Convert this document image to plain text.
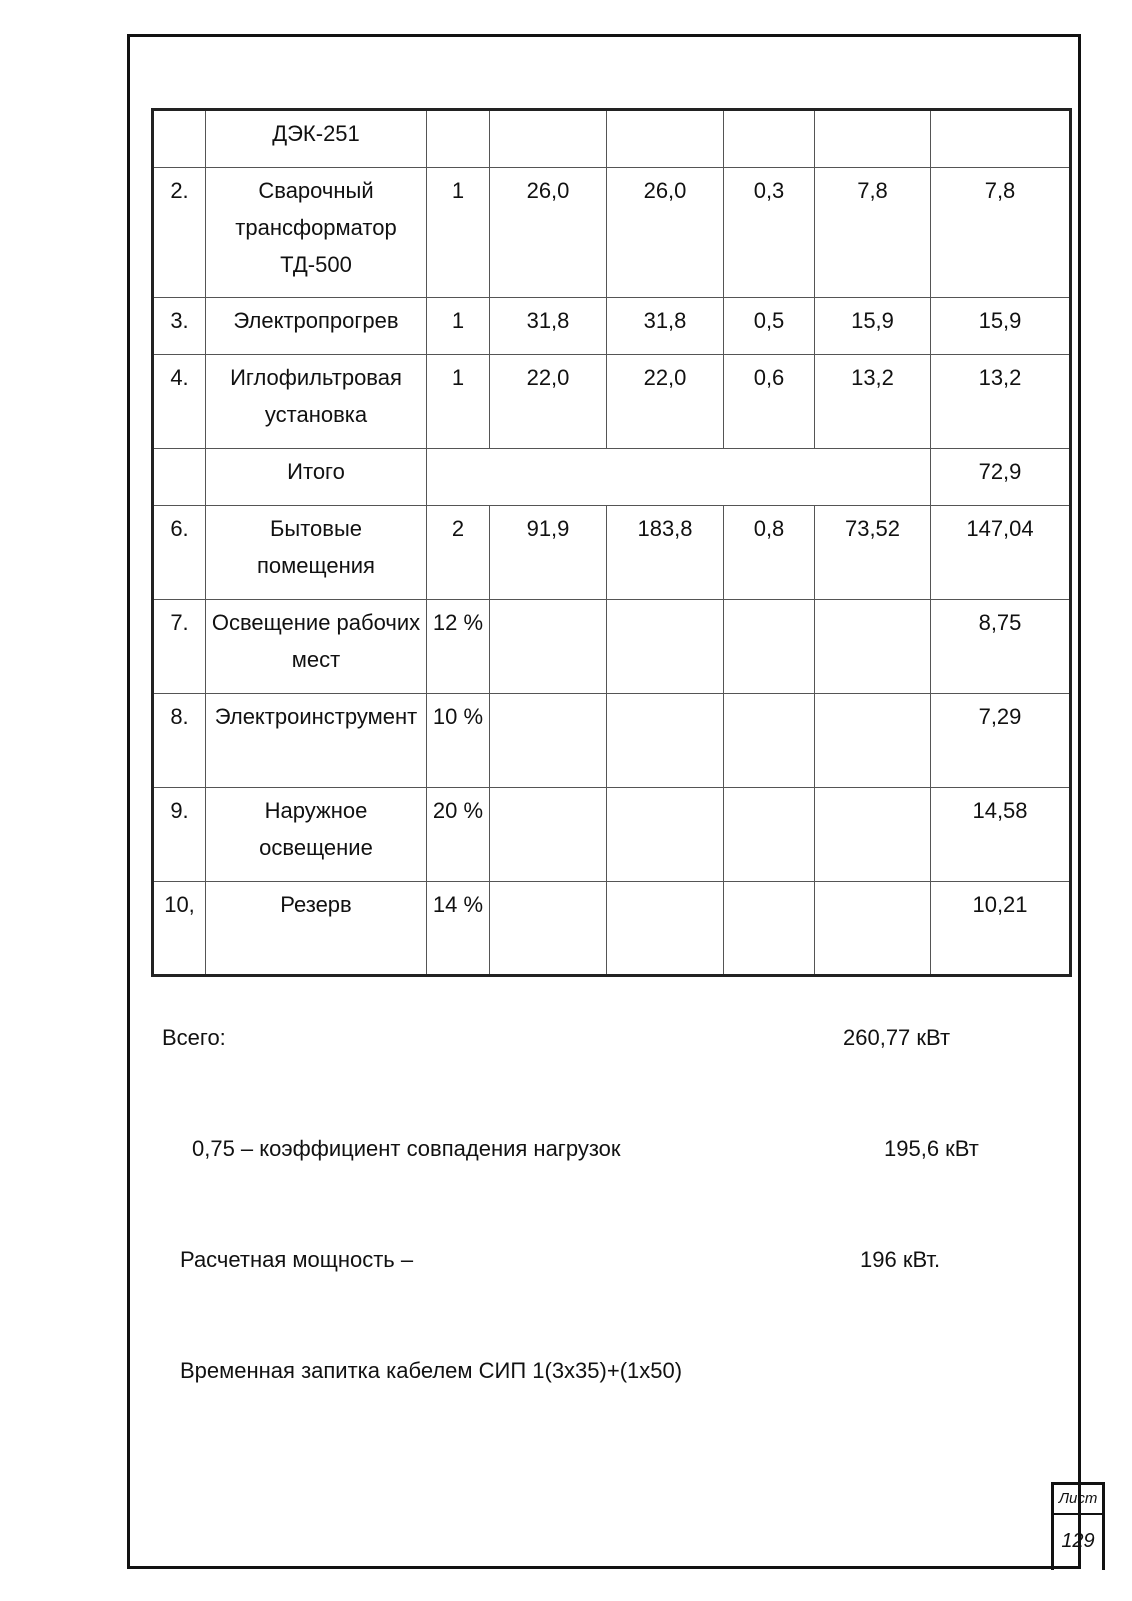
	ДЭК-251						
2.	Сварочный трансформатор ТД-500	1	26,0	26,0	0,3	7,8	7,8
3.	Электропрогрев	1	31,8	31,8	0,5	15,9	15,9
4.	Иглофильтровая установка	1	22,0	22,0	0,6	13,2	13,2
	Итого						72,9
6.	Бытовые помещения	2	91,9	183,8	0,8	73,52	147,04
7.	Освещение рабочих мест	12 %					8,75
8.	Электроинструмент	10 %					7,29
9.	Наружное освещение	20 %					14,58
10,	Резерв	14 %					10,21
Всего:	260,77 кВт
0,75 – коэффициент совпадения нагрузок	195,6 кВт
Расчетная мощность –	196 кВт.
Временная запитка кабелем СИП 1(3х35)+(1х50)
Лист
129
